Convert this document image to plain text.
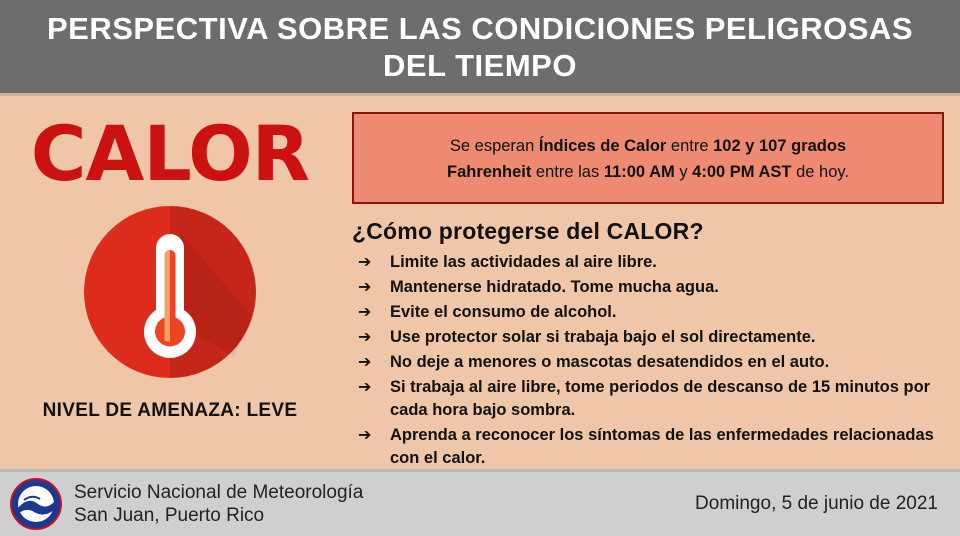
PERSPECTIVA SOBRE LAS CONDICIONES PELIGROSAS DEL TIEMPO
CALOR
NIVEL DE AMENAZA: LEVE
Se esperan Índices de Calor entre 102 y 107 grados
Fahrenheit entre las 11:00 AM y 4:00 PM AST de hoy.
¿Cómo protegerse del CALOR?
➔	Limite las actividades al aire libre.
➔	Mantenerse hidratado. Tome mucha agua.
➔	Evite el consumo de alcohol.
➔	Use protector solar si trabaja bajo el sol directamente.
➔	No deje a menores o mascotas desatendidos en el auto.
➔	Si trabaja al aire libre, tome periodos de descanso de 15 minutos por cada hora bajo sombra.
➔	Aprenda a reconocer los síntomas de las enfermedades relacionadas con el calor.
Servicio Nacional de Meteorología
San Juan, Puerto Rico
Domingo, 5 de junio de 2021
